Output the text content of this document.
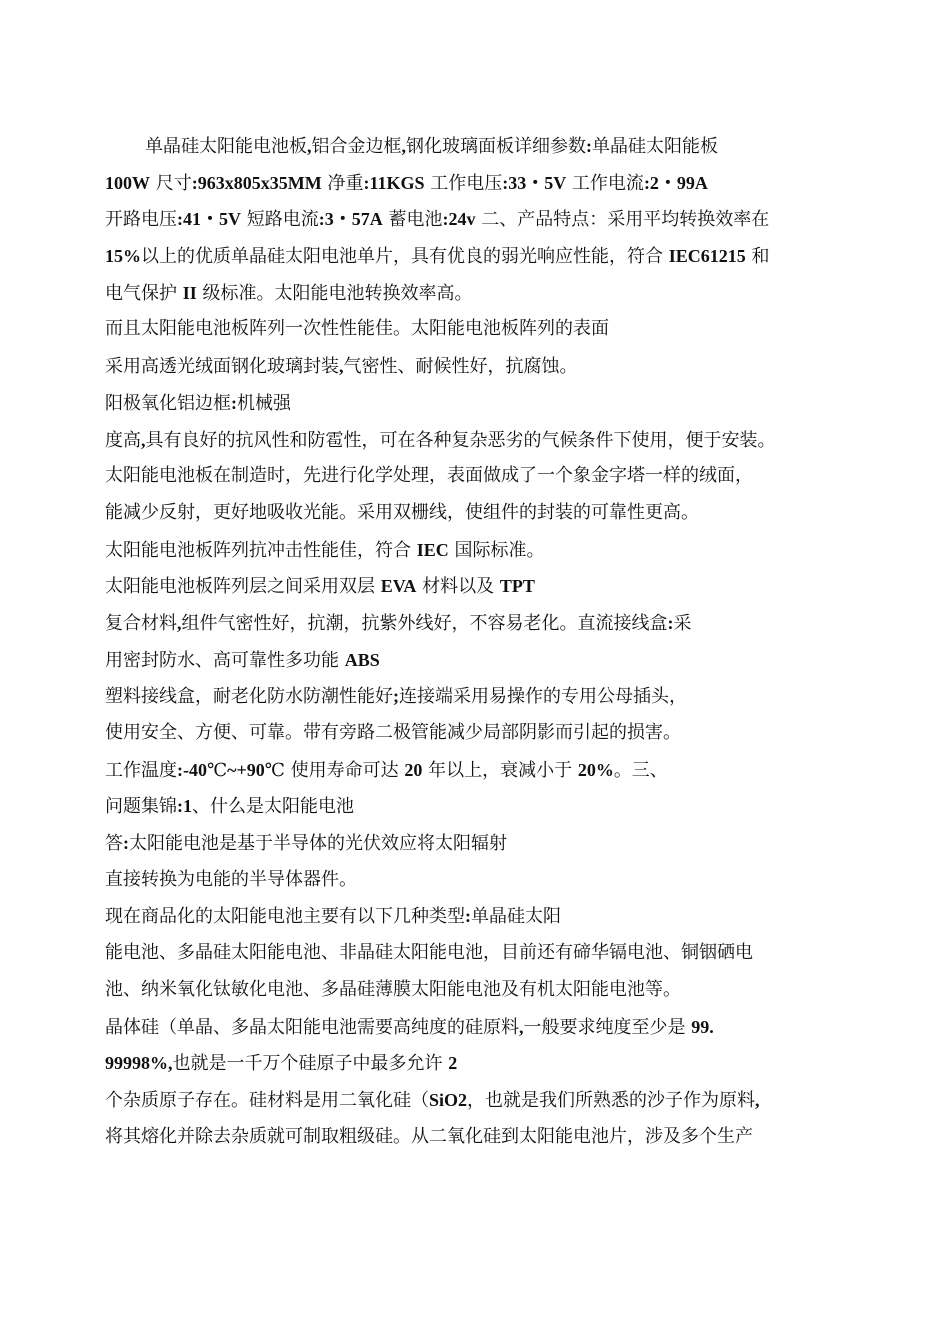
单晶硅太阳能电池板,铝合金边框,钢化玻璃面板详细参数:单晶硅太阳能板
100W 尺寸:963x805x35MM 净重:11KGS 工作电压:33・5V 工作电流:2・99A
开路电压:41・5V 短路电流:3・57A 蓄电池:24v 二、产品特点：采用平均转换效率在
15%以上的优质单晶硅太阳电池单片，具有优良的弱光响应性能，符合 IEC61215 和
电气保护 II 级标准。太阳能电池转换效率高。
而且太阳能电池板阵列一次性性能佳。太阳能电池板阵列的表面
采用高透光绒面钢化玻璃封装,气密性、耐候性好，抗腐蚀。
阳极氧化铝边框:机械强
度高,具有良好的抗风性和防雹性，可在各种复杂恶劣的气候条件下使用，便于安装。
太阳能电池板在制造时，先进行化学处理，表面做成了一个象金字塔一样的绒面，
能减少反射，更好地吸收光能。采用双栅线，使组件的封装的可靠性更高。
太阳能电池板阵列抗冲击性能佳，符合 IEC 国际标准。
太阳能电池板阵列层之间采用双层 EVA 材料以及 TPT
复合材料,组件气密性好，抗潮，抗紫外线好，不容易老化。直流接线盒:采
用密封防水、高可靠性多功能 ABS
塑料接线盒，耐老化防水防潮性能好;连接端采用易操作的专用公母插头，
使用安全、方便、可靠。带有旁路二极管能减少局部阴影而引起的损害。
工作温度:-40℃~+90℃ 使用寿命可达 20 年以上，衰减小于 20%。三、
问题集锦:1、什么是太阳能电池
答:太阳能电池是基于半导体的光伏效应将太阳辐射
直接转换为电能的半导体器件。
现在商品化的太阳能电池主要有以下几种类型:单晶硅太阳
能电池、多晶硅太阳能电池、非晶硅太阳能电池，目前还有碲华镉电池、铜铟硒电
池、纳米氧化钛敏化电池、多晶硅薄膜太阳能电池及有机太阳能电池等。
晶体硅（单晶、多晶太阳能电池需要高纯度的硅原料,一般要求纯度至少是 99.
99998%,也就是一千万个硅原子中最多允许 2
个杂质原子存在。硅材料是用二氧化硅（SiO2，也就是我们所熟悉的沙子作为原料,
将其熔化并除去杂质就可制取粗级硅。从二氧化硅到太阳能电池片，涉及多个生产
